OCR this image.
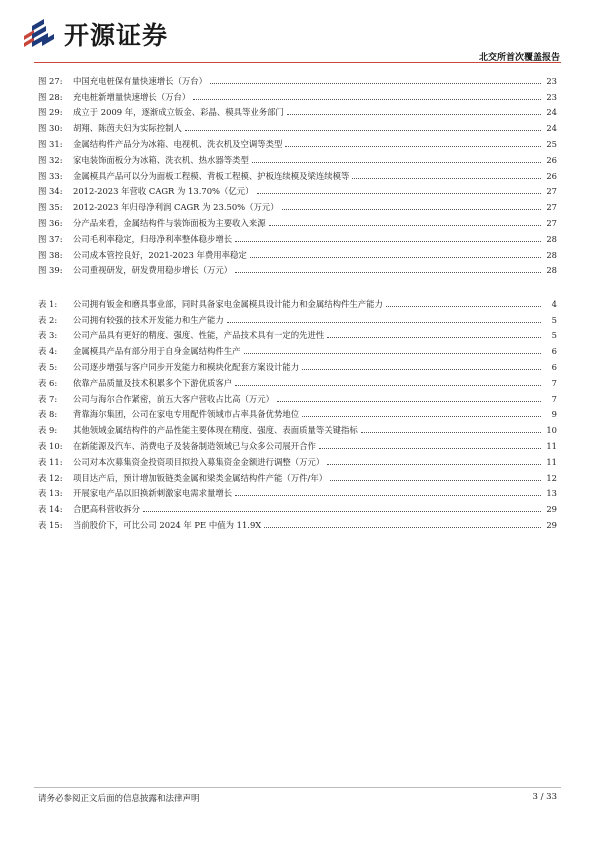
开源证券
北交所首次覆盖报告
图 27:	中国充电桩保有量快速增长（万台）	23
图 28:	充电桩新增量快速增长（万台）	23
图 29:	成立于 2009 年，逐渐成立钣金、彩晶、模具等业务部门	24
图 30:	胡翔、陈茵夫妇为实际控制人	24
图 31:	金属结构件产品分为冰箱、电视机、洗衣机及空调等类型	25
图 32:	家电装饰面板分为冰箱、洗衣机、热水器等类型	26
图 33:	金属模具产品可以分为面板工程模、背板工程模、护板连续模及梁连续模等	26
图 34:	2012-2023 年营收 CAGR 为 13.70%（亿元）	27
图 35:	2012-2023 年归母净利润 CAGR 为 23.50%（万元）	27
图 36:	分产品来看，金属结构件与装饰面板为主要收入来源	27
图 37:	公司毛利率稳定，归母净利率整体稳步增长	28
图 38:	公司成本管控良好，2021-2023 年费用率稳定	28
图 39:	公司重视研发，研发费用稳步增长（万元）	28
表 1:	公司拥有钣金和磨具事业部，同时具备家电金属模具设计能力和金属结构件生产能力	4
表 2:	公司拥有较强的技术开发能力和生产能力	5
表 3:	公司产品具有更好的精度、强度、性能，产品技术具有一定的先进性	5
表 4:	金属模具产品有部分用于自身金属结构件生产	6
表 5:	公司逐步增强与客户同步开发能力和模块化配套方案设计能力	6
表 6:	依靠产品质量及技术积累多个下游优质客户	7
表 7:	公司与海尔合作紧密，前五大客户营收占比高（万元）	7
表 8:	背靠海尔集团，公司在家电专用配件领域市占率具备优势地位	9
表 9:	其他领域金属结构件的产品性能主要体现在精度、强度、表面质量等关键指标	10
表 10:	在新能源及汽车、消费电子及装备制造领域已与众多公司展开合作	11
表 11:	公司对本次募集资金投资项目拟投入募集资金金额进行调整（万元）	11
表 12:	项目达产后，预计增加钣链类金属和梁类金属结构件产能（万件/年）	12
表 13:	开展家电产品以旧换新刺激家电需求量增长	13
表 14:	合肥高科营收拆分	29
表 15:	当前股价下，可比公司 2024 年 PE 中值为 11.9X	29
请务必参阅正文后面的信息披露和法律声明	3 / 33
